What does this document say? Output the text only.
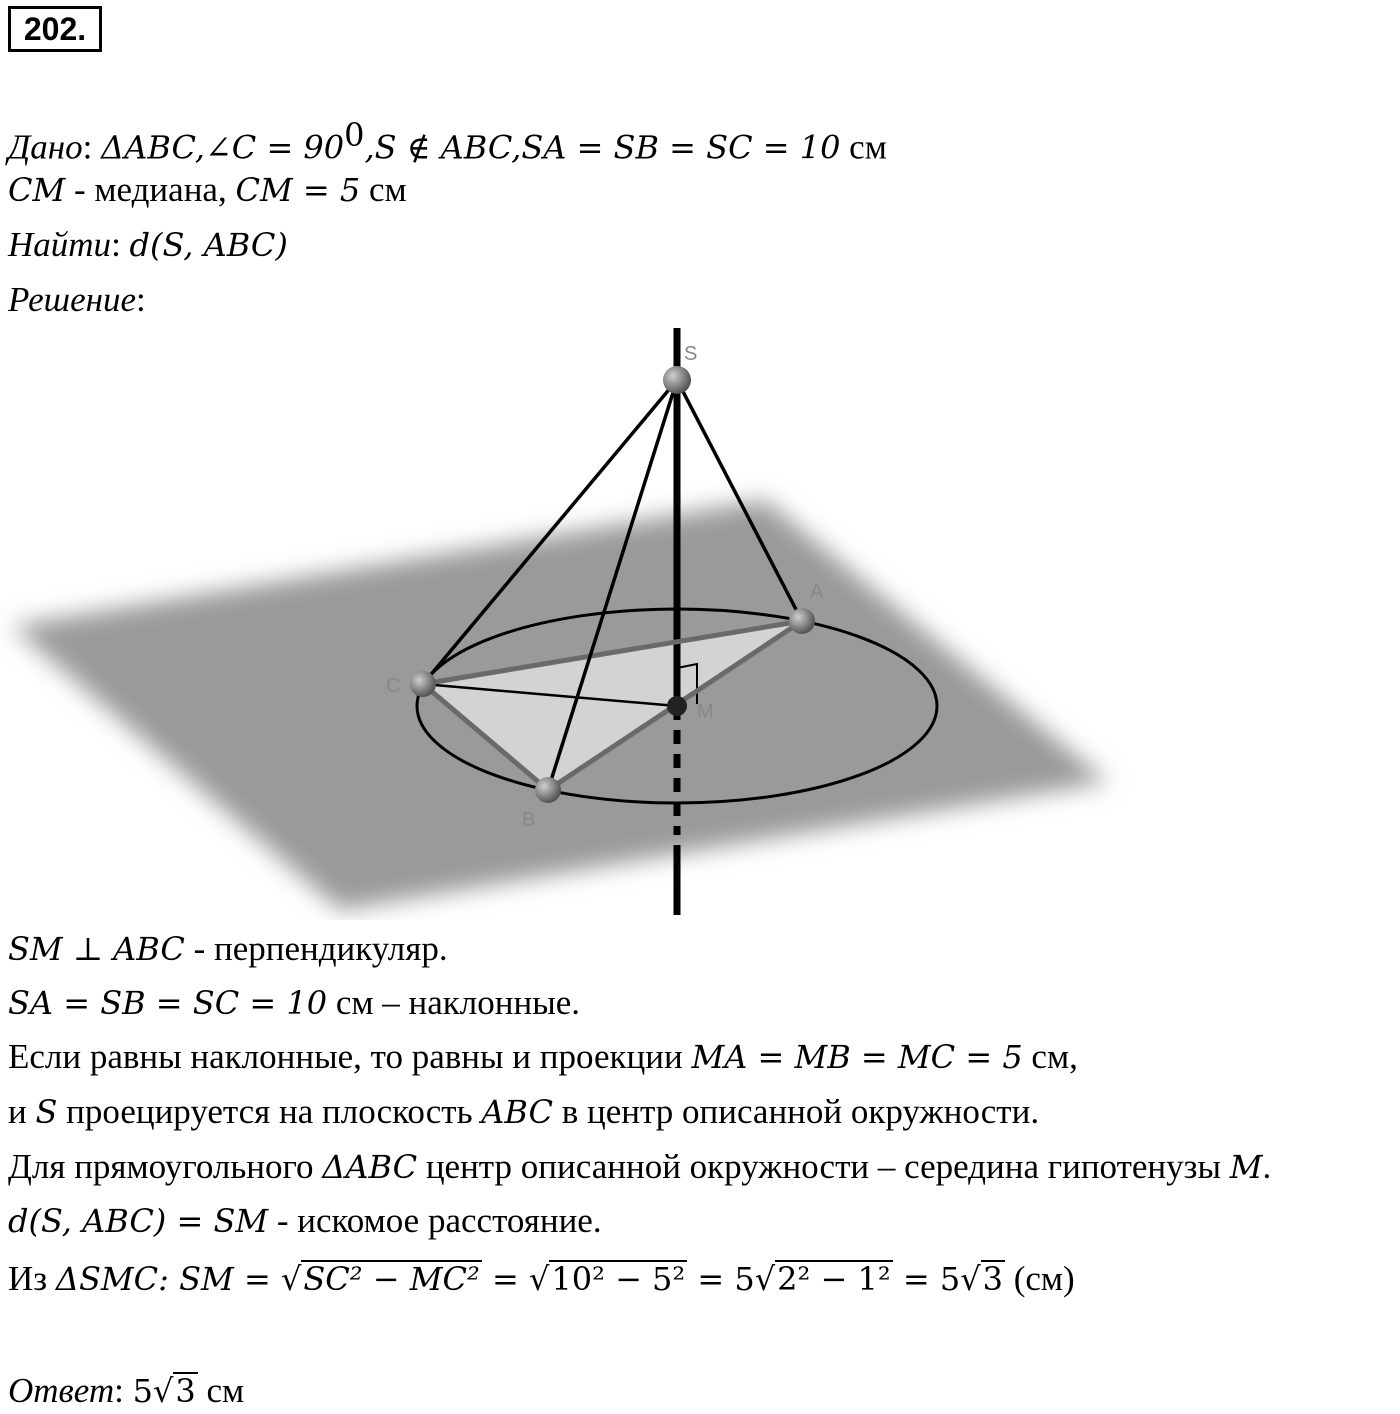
202.
Дано: ΔABC,∠C = $90^0,S$ ∉ ABC,SA = SB = SC = 10 см
CM - медиана, CM = 5 см
Найти: d(S, ABC)
Решение:
S
A
C
B
M
SM ⊥ ABC - перпендикуляр.
SA = SB = SC = 10 см – наклонные.
Если равны наклонные, то равны и проекции MA = MB = MC = 5 см,
и S проецируется на плоскость ABC в центр описанной окружности.
Для прямоугольного ΔABC центр описанной окружности – середина гипотенузы M.
d(S, ABC) = SM - искомое расстояние.
Из ΔSMC: SM = √SC² − MC² = √10² − 5² = 5√2² − 1² = 5√3 (см)
Ответ: 5√3 см
